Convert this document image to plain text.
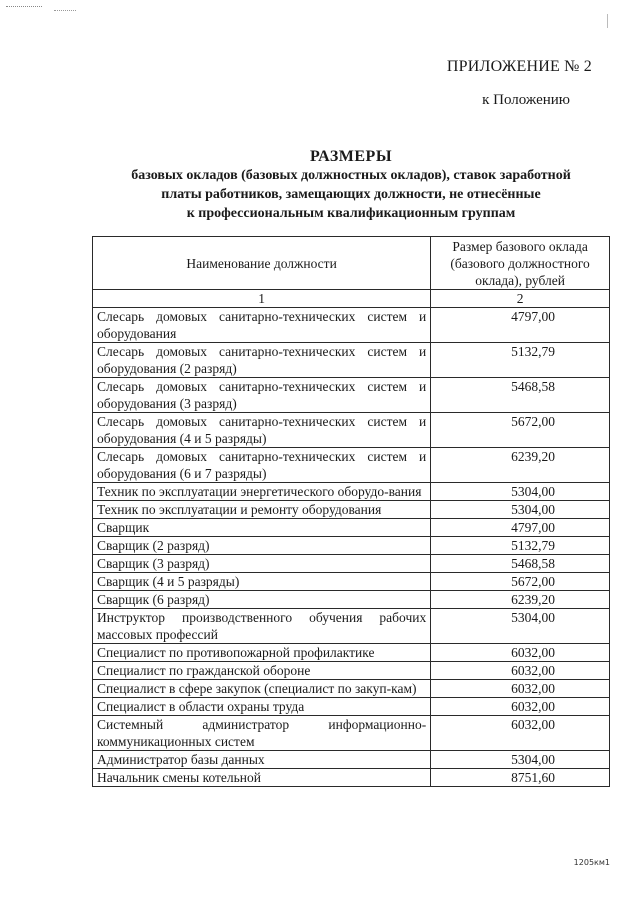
ПРИЛОЖЕНИЕ № 2
к Положению
РАЗМЕРЫ
базовых окладов (базовых должностных окладов), ставок заработной
платы работников, замещающих должности, не отнесённые
к профессиональным квалификационным группам
Наименование должности	Размер базового оклада (базового должностного оклада), рублей
1	2
Слесарь домовых санитарно-технических систем и оборудования	4797,00
Слесарь домовых санитарно-технических систем и оборудования (2 разряд)	5132,79
Слесарь домовых санитарно-технических систем и оборудования (3 разряд)	5468,58
Слесарь домовых санитарно-технических систем и оборудования (4 и 5 разряды)	5672,00
Слесарь домовых санитарно-технических систем и оборудования (6 и 7 разряды)	6239,20
Техник по эксплуатации энергетического оборудо-вания	5304,00
Техник по эксплуатации и ремонту оборудования	5304,00
Сварщик	4797,00
Сварщик (2 разряд)	5132,79
Сварщик (3 разряд)	5468,58
Сварщик (4 и 5 разряды)	5672,00
Сварщик (6 разряд)	6239,20
Инструктор производственного обучения рабочих массовых профессий	5304,00
Специалист по противопожарной профилактике	6032,00
Специалист по гражданской обороне	6032,00
Специалист в сфере закупок (специалист по закуп-кам)	6032,00
Специалист в области охраны труда	6032,00
Системный администратор информационно-коммуникационных систем	6032,00
Администратор базы данных	5304,00
Начальник смены котельной	8751,60
1205км1
